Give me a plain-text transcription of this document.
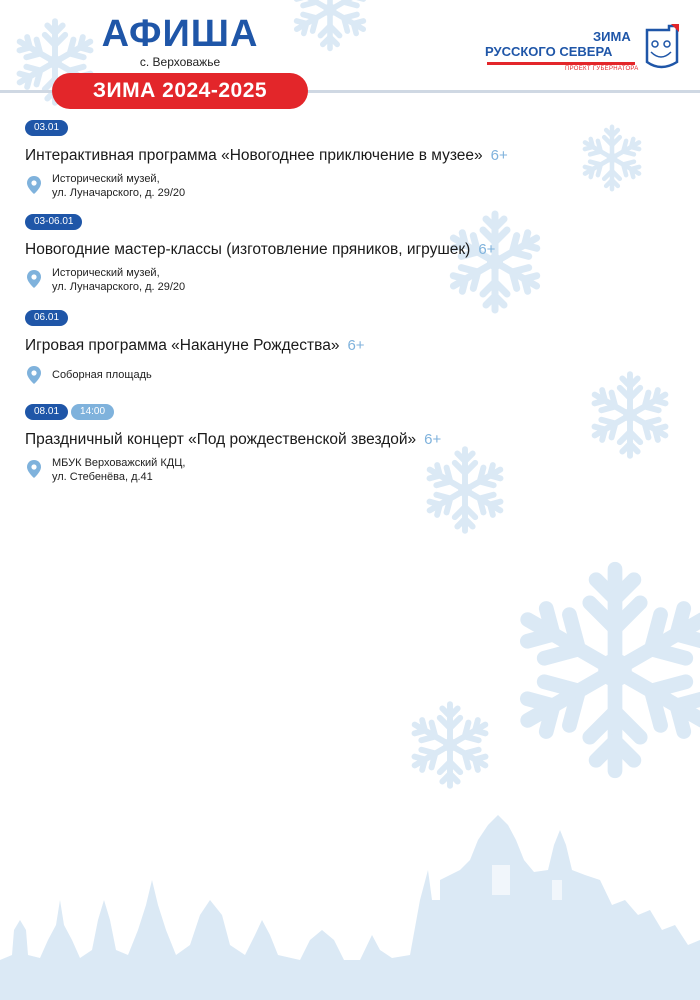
АФИША
с. Верховажье
ЗИМА 2024-2025
ЗИМА
РУССКОГО СЕВЕРА
ПРОЕКТ ГУБЕРНАТОРА
03.01
Интерактивная программа «Новогоднее приключение в музее» 6+
Исторический музей,
ул. Луначарского, д. 29/20
03-06.01
Новогодние мастер-классы (изготовление пряников, игрушек) 6+
Исторический музей,
ул. Луначарского, д. 29/20
06.01
Игровая программа «Накануне Рождества» 6+
Соборная площадь
08.01 14:00
Праздничный концерт «Под рождественской звездой» 6+
МБУК Верховажский КДЦ,
ул. Стебенёва, д.41
